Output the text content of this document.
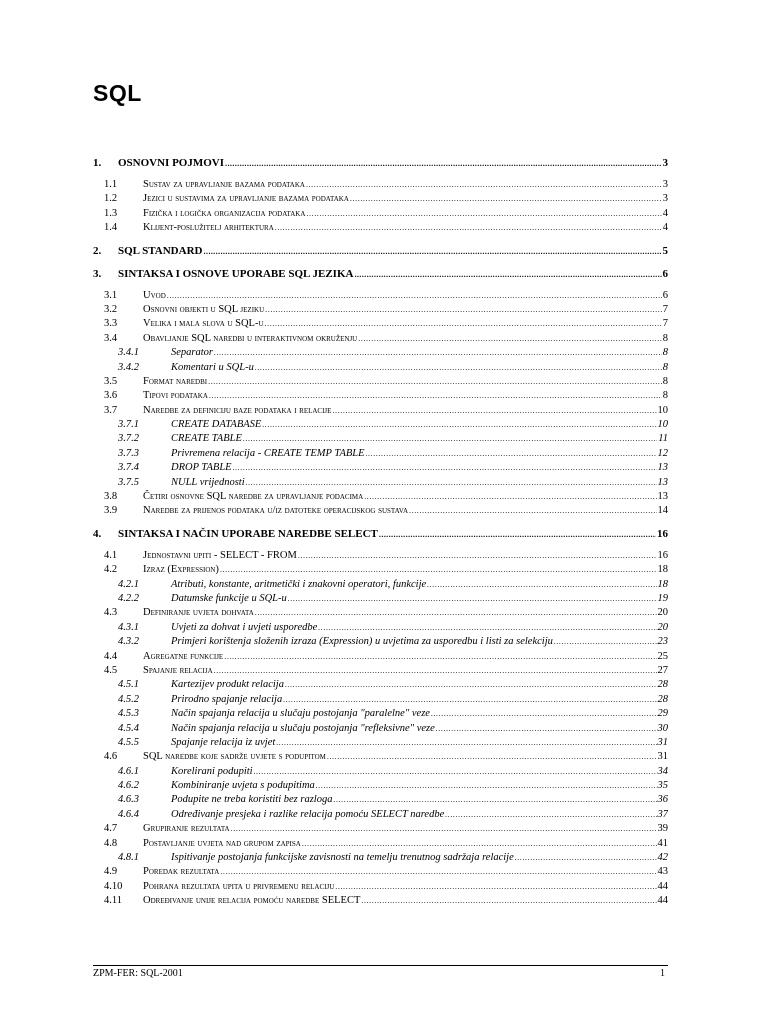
SQL
1.	OSNOVNI POJMOVI .....	3
1.1	Sustav za upravljanje bazama podataka .....	3
1.2	Jezici u sustavima za upravljanje bazama podataka .....	3
1.3	Fizička i logička organizacija podataka .....	4
1.4	Klijent-poslužitelj arhitektura .....	4
2.	SQL STANDARD .....	5
3.	SINTAKSA I OSNOVE UPORABE SQL JEZIKA .....	6
3.1	Uvod .....	6
3.2	Osnovni objekti u SQL jeziku .....	7
3.3	Velika i mala slova u SQL-u .....	7
3.4	Obavljanje SQL naredbi u interaktivnom okruženju .....	8
3.4.1	Separator .....	8
3.4.2	Komentari u SQL-u .....	8
3.5	Format naredbi .....	8
3.6	Tipovi podataka .....	8
3.7	Naredbe za definiciju baze podataka i relacije .....	10
3.7.1	CREATE DATABASE .....	10
3.7.2	CREATE TABLE .....	11
3.7.3	Privremena relacija - CREATE TEMP TABLE .....	12
3.7.4	DROP TABLE .....	13
3.7.5	NULL vrijednosti .....	13
3.8	Četiri osnovne SQL naredbe za upravljanje podacima .....	13
3.9	Naredbe za prijenos podataka u/iz datoteke operacijskog sustava .....	14
4.	SINTAKSA I NAČIN UPORABE NAREDBE SELECT .....	16
4.1	Jednostavni upiti - SELECT - FROM .....	16
4.2	Izraz (Expression) .....	18
4.2.1	Atributi, konstante, aritmetički i znakovni operatori, funkcije .....	18
4.2.2	Datumske funkcije u SQL-u .....	19
4.3	Definiranje uvjeta dohvata .....	20
4.3.1	Uvjeti za dohvat i uvjeti usporedbe .....	20
4.3.2	Primjeri korištenja složenih izraza (Expression) u uvjetima za usporedbu i listi za selekciju .....	23
4.4	Agregatne funkcije .....	25
4.5	Spajanje relacija .....	27
4.5.1	Kartezijev produkt relacija .....	28
4.5.2	Prirodno spajanje relacija .....	28
4.5.3	Način spajanja relacija u slučaju postojanja "paralelne" veze .....	29
4.5.4	Način spajanja relacija u slučaju postojanja "refleksivne" veze .....	30
4.5.5	Spajanje relacija iz uvjet .....	31
4.6	SQL naredbe koje sadrže uvjete s podupitom .....	31
4.6.1	Korelirani podupiti .....	34
4.6.2	Kombiniranje uvjeta s podupitima .....	35
4.6.3	Podupite ne treba koristiti bez razloga .....	36
4.6.4	Određivanje presjeka i razlike relacija pomoću SELECT naredbe .....	37
4.7	Grupiranje rezultata .....	39
4.8	Postavljanje uvjeta nad grupom zapisa .....	41
4.8.1	Ispitivanje postojanja funkcijske zavisnosti na temelju trenutnog sadržaja relacije .....	42
4.9	Poredak rezultata .....	43
4.10	Pohrana rezultata upita u privremenu relaciju .....	44
4.11	Određivanje unije relacija pomoću naredbe SELECT .....	44
ZPM-FER: SQL-2001	1
